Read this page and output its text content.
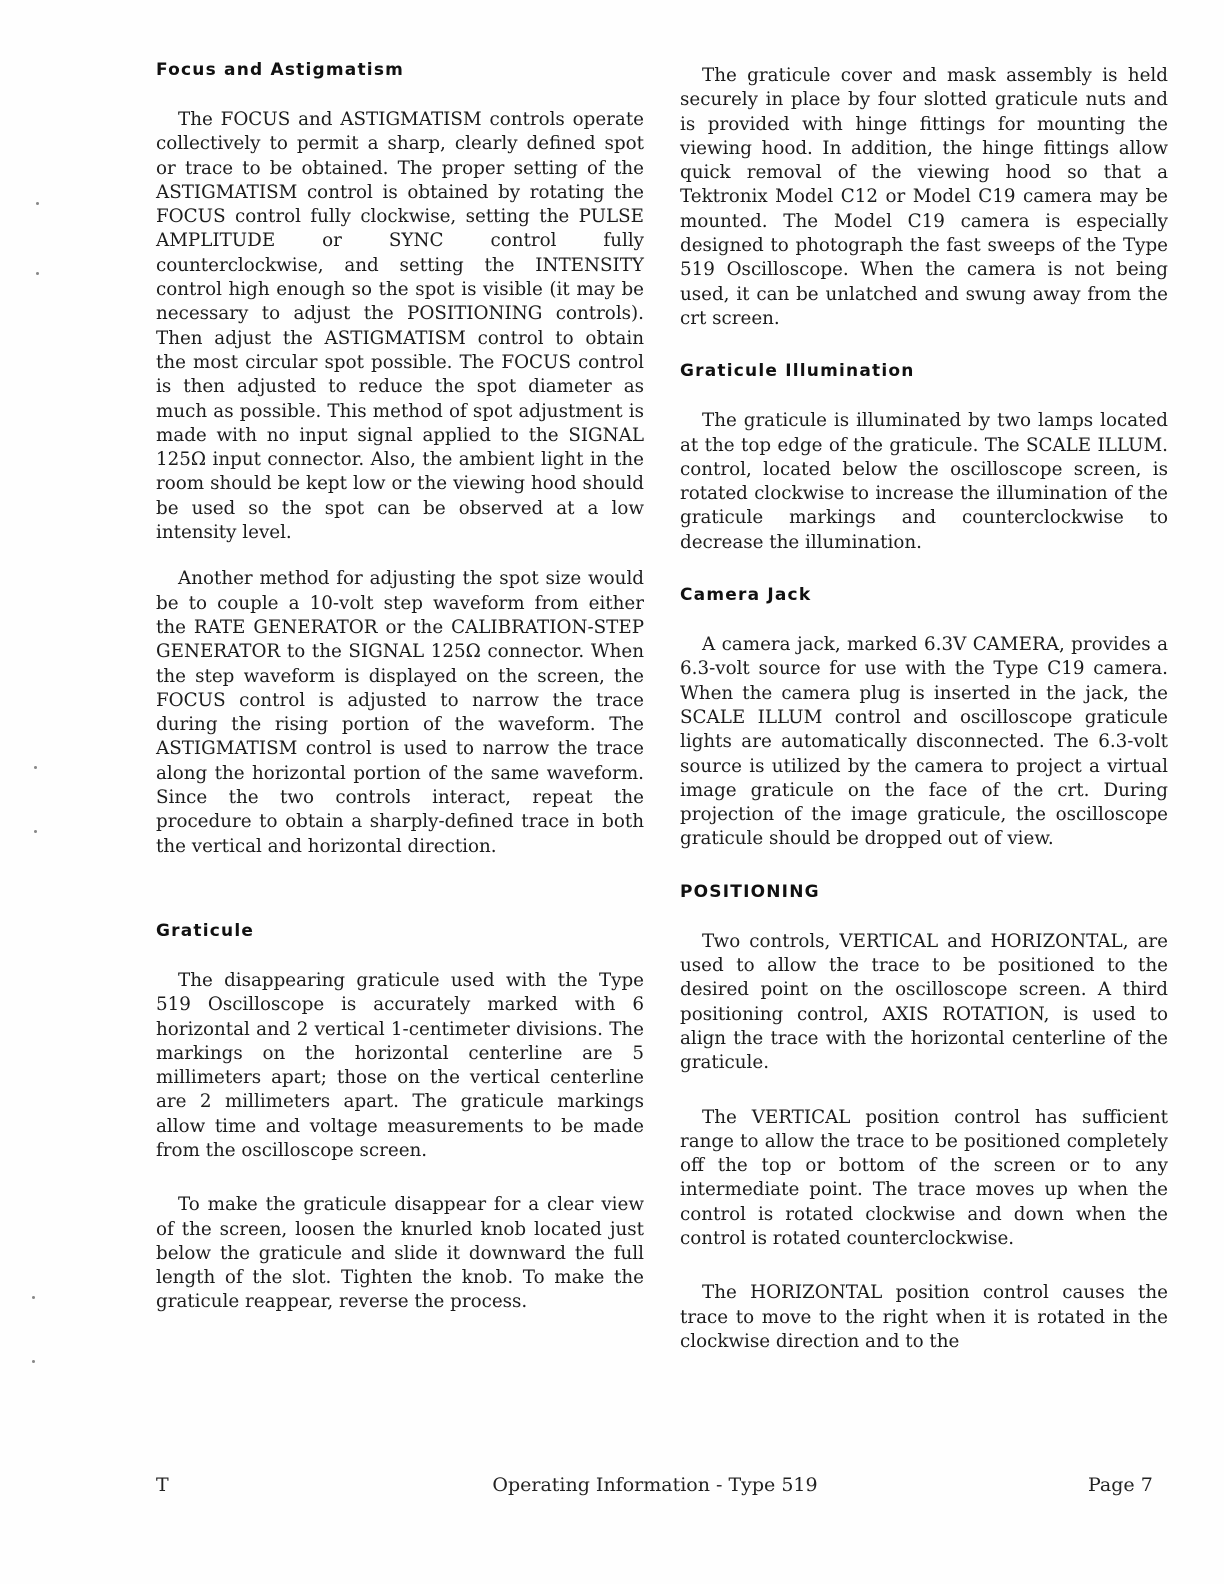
Focus and Astigmatism

The FOCUS and ASTIGMATISM controls operate collectively to permit a sharp, clearly defined spot or trace to be obtained. The proper setting of the ASTIGMATISM control is obtained by rotating the FOCUS control fully clockwise, setting the PULSE AMPLITUDE or SYNC control fully counterclockwise, and setting the INTENSITY control high enough so the spot is visible (it may be necessary to adjust the POSITIONING controls). Then adjust the ASTIGMATISM control to obtain the most circular spot possible. The FOCUS control is then adjusted to reduce the spot diameter as much as possible. This method of spot adjustment is made with no input signal applied to the SIGNAL 125Ω input connector. Also, the ambient light in the room should be kept low or the viewing hood should be used so the spot can be observed at a low intensity level.

Another method for adjusting the spot size would be to couple a 10-volt step waveform from either the RATE GENERATOR or the CALIBRATION-STEP GENERATOR to the SIGNAL 125Ω connector. When the step waveform is displayed on the screen, the FOCUS control is adjusted to narrow the trace during the rising portion of the waveform. The ASTIGMATISM control is used to narrow the trace along the horizontal portion of the same waveform. Since the two controls interact, repeat the procedure to obtain a sharply-defined trace in both the vertical and horizontal direction.

Graticule

The disappearing graticule used with the Type 519 Oscilloscope is accurately marked with 6 horizontal and 2 vertical 1-centimeter divisions. The markings on the horizontal centerline are 5 millimeters apart; those on the vertical centerline are 2 millimeters apart. The graticule markings allow time and voltage measurements to be made from the oscilloscope screen.

To make the graticule disappear for a clear view of the screen, loosen the knurled knob located just below the graticule and slide it downward the full length of the slot. Tighten the knob. To make the graticule reappear, reverse the process.

The graticule cover and mask assembly is held securely in place by four slotted graticule nuts and is provided with hinge fittings for mounting the viewing hood. In addition, the hinge fittings allow quick removal of the viewing hood so that a Tektronix Model C12 or Model C19 camera may be mounted. The Model C19 camera is especially designed to photograph the fast sweeps of the Type 519 Oscilloscope. When the camera is not being used, it can be unlatched and swung away from the crt screen.

Graticule Illumination

The graticule is illuminated by two lamps located at the top edge of the graticule. The SCALE ILLUM. control, located below the oscilloscope screen, is rotated clockwise to increase the illumination of the graticule markings and counterclockwise to decrease the illumination.

Camera Jack

A camera jack, marked 6.3V CAMERA, provides a 6.3-volt source for use with the Type C19 camera. When the camera plug is inserted in the jack, the SCALE ILLUM control and oscilloscope graticule lights are automatically disconnected. The 6.3-volt source is utilized by the camera to project a virtual image graticule on the face of the crt. During projection of the image graticule, the oscilloscope graticule should be dropped out of view.

POSITIONING

Two controls, VERTICAL and HORIZONTAL, are used to allow the trace to be positioned to the desired point on the oscilloscope screen. A third positioning control, AXIS ROTATION, is used to align the trace with the horizontal centerline of the graticule.

The VERTICAL position control has sufficient range to allow the trace to be positioned completely off the top or bottom of the screen or to any intermediate point. The trace moves up when the control is rotated clockwise and down when the control is rotated counterclockwise.

The HORIZONTAL position control causes the trace to move to the right when it is rotated in the clockwise direction and to the

T	Operating Information - Type 519	Page 7
